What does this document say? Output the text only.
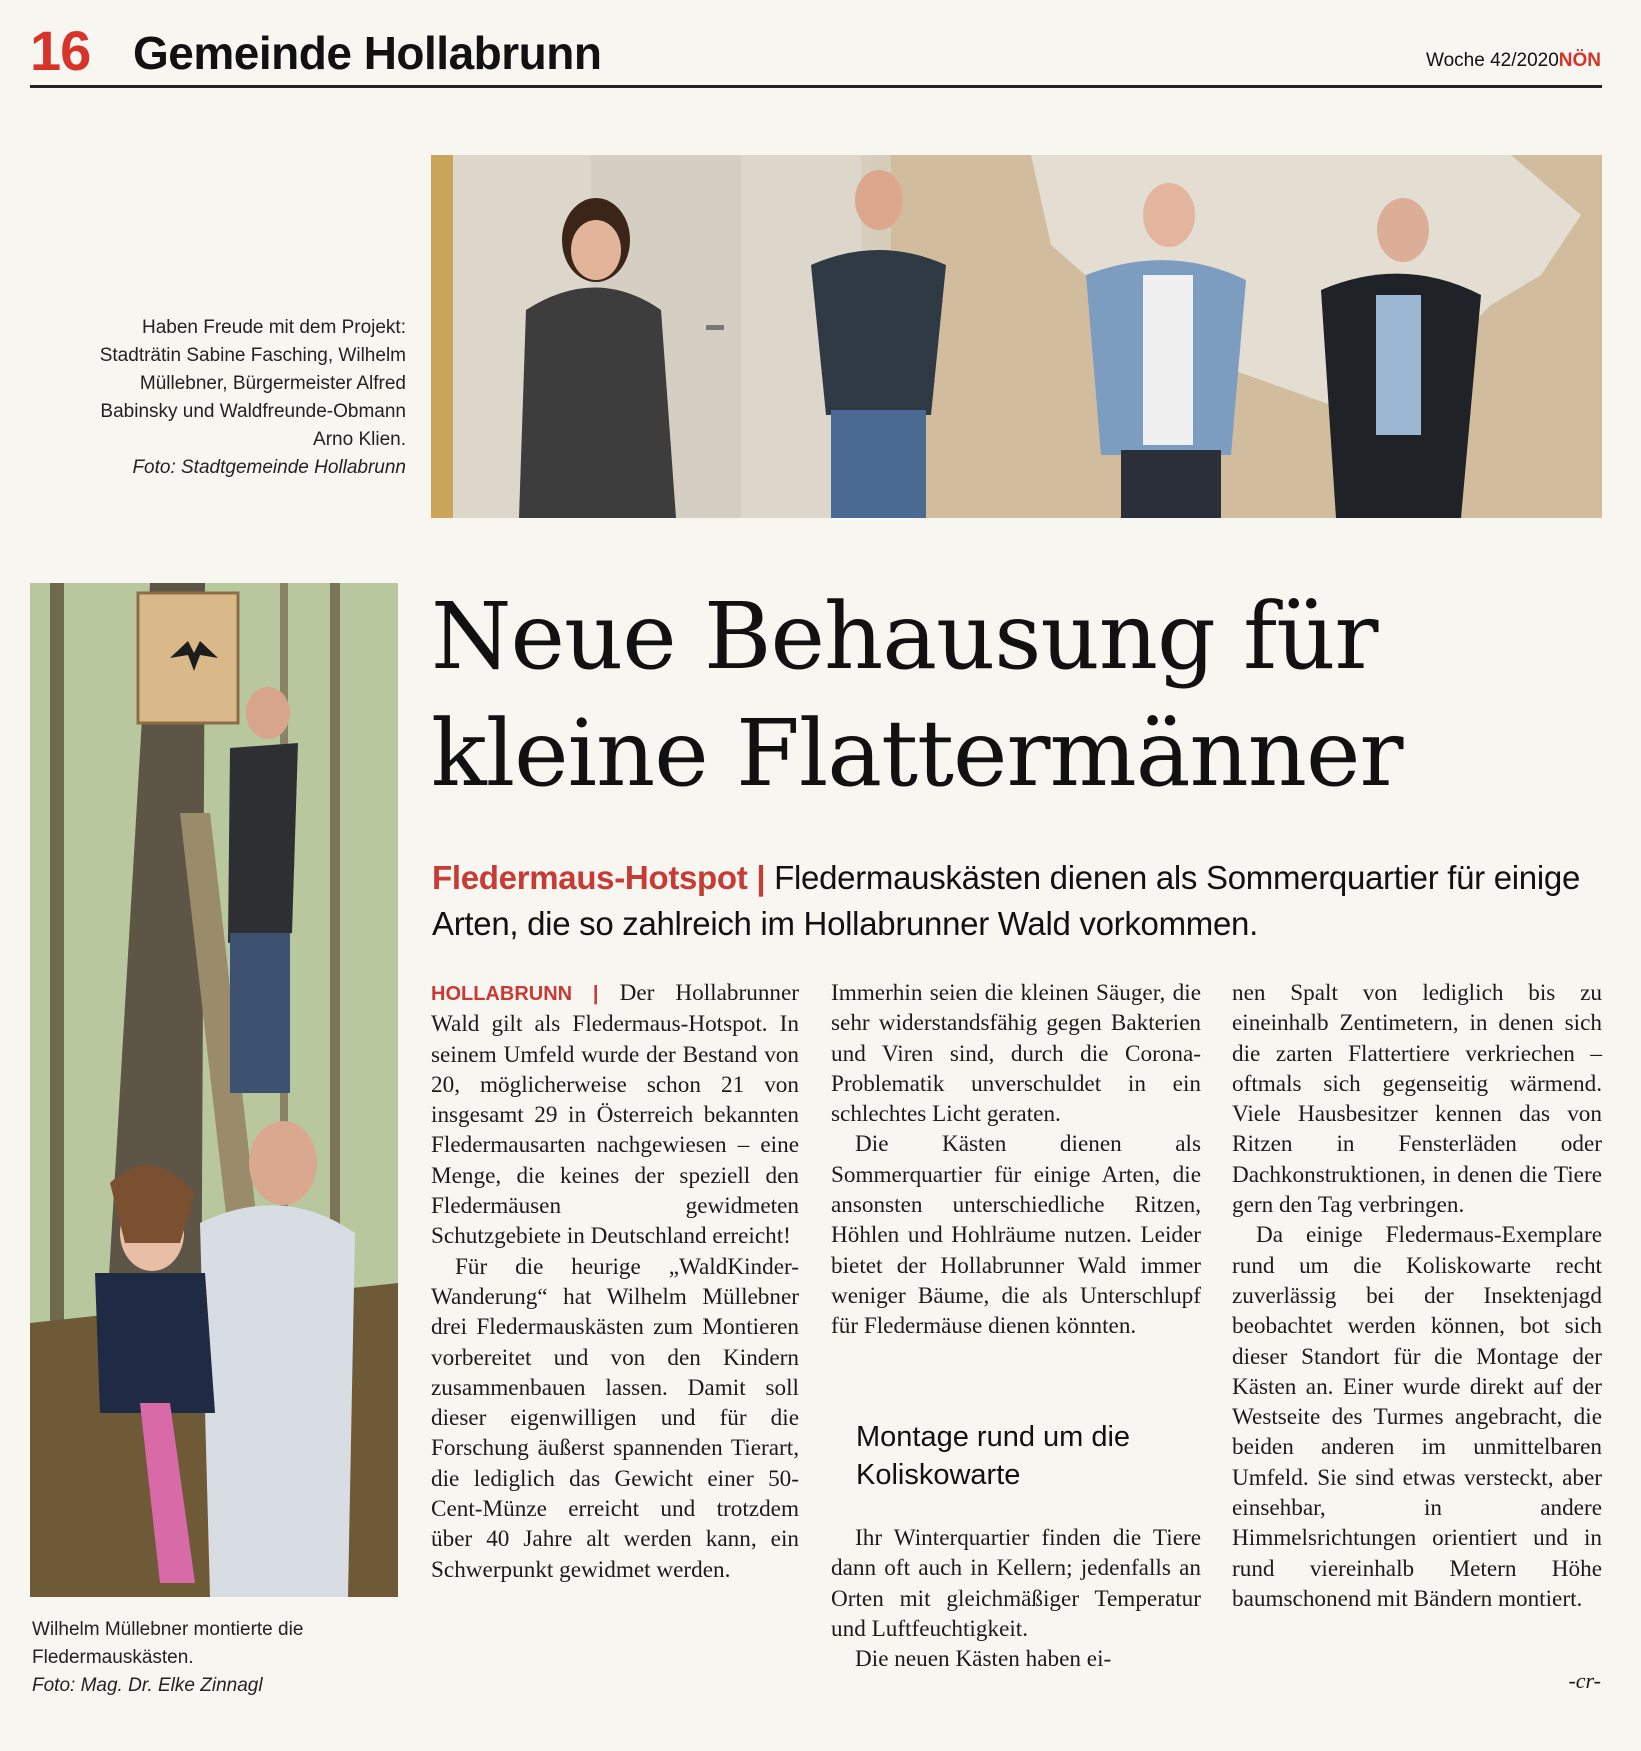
16 Gemeinde Hollabrunn	Woche 42/2020NÖN
Haben Freude mit dem Projekt:
Stadträtin Sabine Fasching, Wilhelm
Müllebner, Bürgermeister Alfred
Babinsky und Waldfreunde-Obmann
Arno Klien.
Foto: Stadtgemeinde Hollabrunn
Wilhelm Müllebner montierte die
Fledermauskästen.
Foto: Mag. Dr. Elke Zinnagl
Neue Behausung für
kleine Flattermänner
Fledermaus-Hotspot | Fledermauskästen dienen als Sommerquartier für einige Arten, die so zahlreich im Hollabrunner Wald vorkommen.

HOLLABRUNN | Der Hollabrunner Wald gilt als Fledermaus-Hotspot. In seinem Umfeld wurde der Bestand von 20, möglicherweise schon 21 von insgesamt 29 in Österreich bekannten Fledermausarten nachgewiesen – eine Menge, die keines der speziell den Fledermäusen gewidmeten Schutzgebiete in Deutschland erreicht!

Für die heurige „WaldKinder-Wanderung“ hat Wilhelm Müllebner drei Fledermauskästen zum Montieren vorbereitet und von den Kindern zusammenbauen lassen. Damit soll dieser eigenwilligen und für die Forschung äußerst spannenden Tierart, die lediglich das Gewicht einer 50-Cent-Münze erreicht und trotzdem über 40 Jahre alt werden kann, ein Schwerpunkt gewidmet werden.

Immerhin seien die kleinen Säuger, die sehr widerstandsfähig gegen Bakterien und Viren sind, durch die Corona-Problematik unverschuldet in ein schlechtes Licht geraten.

Die Kästen dienen als Sommerquartier für einige Arten, die ansonsten unterschiedliche Ritzen, Höhlen und Hohlräume nutzen. Leider bietet der Hollabrunner Wald immer weniger Bäume, die als Unterschlupf für Fledermäuse dienen könnten.

Montage rund um die Koliskowarte

Ihr Winterquartier finden die Tiere dann oft auch in Kellern; jedenfalls an Orten mit gleichmäßiger Temperatur und Luftfeuchtigkeit.

Die neuen Kästen haben ei-

nen Spalt von lediglich bis zu eineinhalb Zentimetern, in denen sich die zarten Flattertiere verkriechen – oftmals sich gegenseitig wärmend. Viele Hausbesitzer kennen das von Ritzen in Fensterläden oder Dachkonstruktionen, in denen die Tiere gern den Tag verbringen.

Da einige Fledermaus-Exemplare rund um die Koliskowarte recht zuverlässig bei der Insektenjagd beobachtet werden können, bot sich dieser Standort für die Montage der Kästen an. Einer wurde direkt auf der Westseite des Turmes angebracht, die beiden anderen im unmittelbaren Umfeld. Sie sind etwas versteckt, aber einsehbar, in andere Himmelsrichtungen orientiert und in rund viereinhalb Metern Höhe baumschonend mit Bändern montiert.

-cr-
